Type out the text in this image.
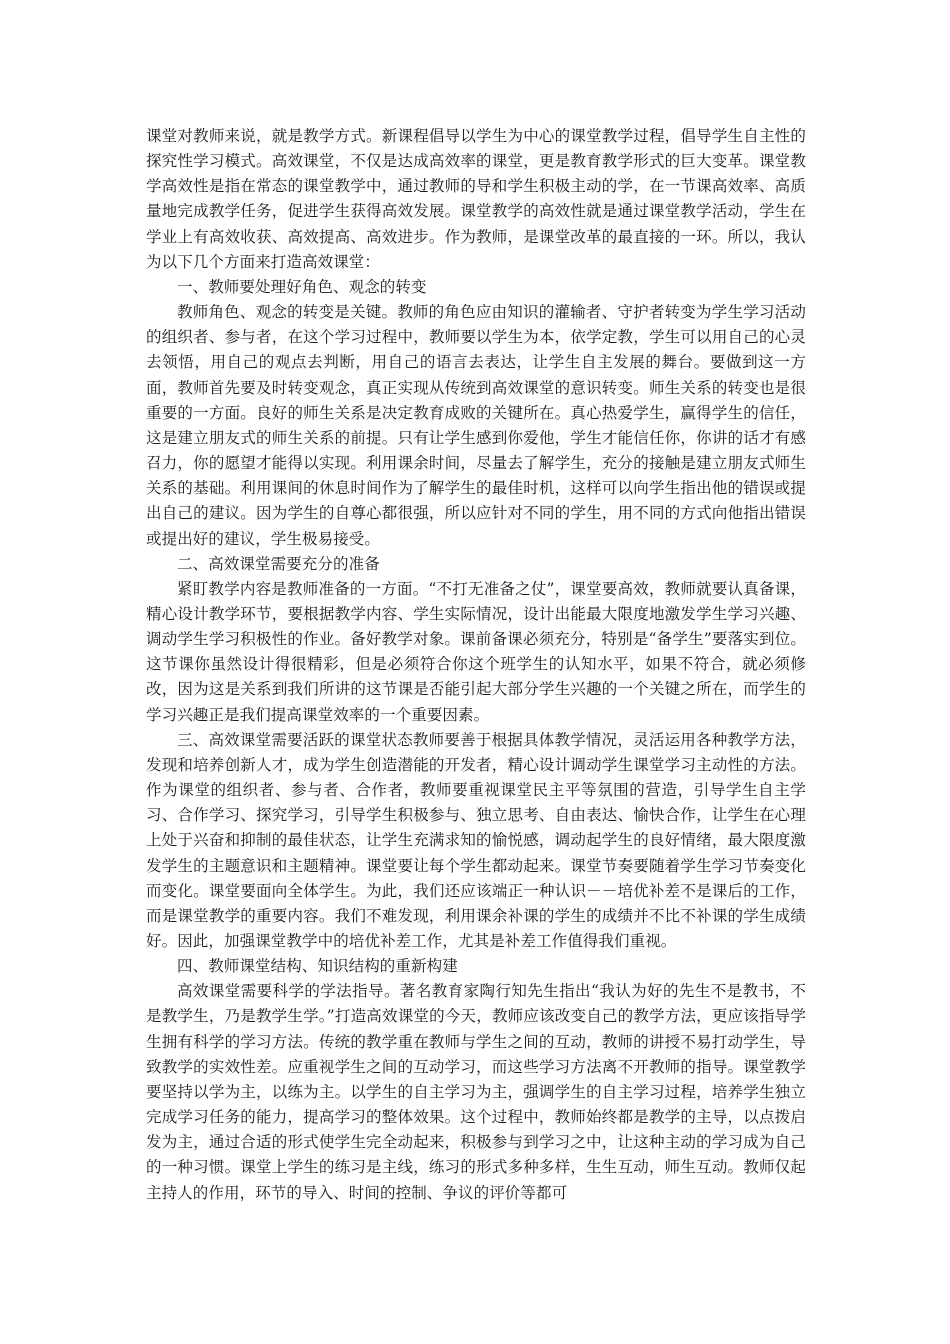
课堂对教师来说，就是教学方式。新课程倡导以学生为中心的课堂教学过程，倡导学生自主性的探究性学习模式。高效课堂，不仅是达成高效率的课堂，更是教育教学形式的巨大变革。课堂教学高效性是指在常态的课堂教学中，通过教师的导和学生积极主动的学，在一节课高效率、高质量地完成教学任务，促进学生获得高效发展。课堂教学的高效性就是通过课堂教学活动，学生在学业上有高效收获、高效提高、高效进步。作为教师，是课堂改革的最直接的一环。所以，我认为以下几个方面来打造高效课堂：

一、教师要处理好角色、观念的转变

教师角色、观念的转变是关键。教师的角色应由知识的灌输者、守护者转变为学生学习活动的组织者、参与者，在这个学习过程中，教师要以学生为本，依学定教，学生可以用自己的心灵去领悟，用自己的观点去判断，用自己的语言去表达，让学生自主发展的舞台。要做到这一方面，教师首先要及时转变观念，真正实现从传统到高效课堂的意识转变。师生关系的转变也是很重要的一方面。良好的师生关系是决定教育成败的关键所在。真心热爱学生，赢得学生的信任，这是建立朋友式的师生关系的前提。只有让学生感到你爱他，学生才能信任你，你讲的话才有感召力，你的愿望才能得以实现。利用课余时间，尽量去了解学生，充分的接触是建立朋友式师生关系的基础。利用课间的休息时间作为了解学生的最佳时机，这样可以向学生指出他的错误或提出自己的建议。因为学生的自尊心都很强，所以应针对不同的学生，用不同的方式向他指出错误或提出好的建议，学生极易接受。

二、高效课堂需要充分的准备

紧盯教学内容是教师准备的一方面。“不打无准备之仗”，课堂要高效，教师就要认真备课，精心设计教学环节，要根据教学内容、学生实际情况，设计出能最大限度地激发学生学习兴趣、调动学生学习积极性的作业。备好教学对象。课前备课必须充分，特别是“备学生”要落实到位。这节课你虽然设计得很精彩，但是必须符合你这个班学生的认知水平，如果不符合，就必须修改，因为这是关系到我们所讲的这节课是否能引起大部分学生兴趣的一个关键之所在，而学生的学习兴趣正是我们提高课堂效率的一个重要因素。

三、高效课堂需要活跃的课堂状态教师要善于根据具体教学情况，灵活运用各种教学方法，发现和培养创新人才，成为学生创造潜能的开发者，精心设计调动学生课堂学习主动性的方法。作为课堂的组织者、参与者、合作者，教师要重视课堂民主平等氛围的营造，引导学生自主学习、合作学习、探究学习，引导学生积极参与、独立思考、自由表达、愉快合作，让学生在心理上处于兴奋和抑制的最佳状态，让学生充满求知的愉悦感，调动起学生的良好情绪，最大限度激发学生的主题意识和主题精神。课堂要让每个学生都动起来。课堂节奏要随着学生学习节奏变化而变化。课堂要面向全体学生。为此，我们还应该端正一种认识－－培优补差不是课后的工作，而是课堂教学的重要内容。我们不难发现，利用课余补课的学生的成绩并不比不补课的学生成绩好。因此，加强课堂教学中的培优补差工作，尤其是补差工作值得我们重视。

四、教师课堂结构、知识结构的重新构建

高效课堂需要科学的学法指导。著名教育家陶行知先生指出“我认为好的先生不是教书，不是教学生，乃是教学生学。”打造高效课堂的今天，教师应该改变自己的教学方法，更应该指导学生拥有科学的学习方法。传统的教学重在教师与学生之间的互动，教师的讲授不易打动学生，导致教学的实效性差。应重视学生之间的互动学习，而这些学习方法离不开教师的指导。课堂教学要坚持以学为主，以练为主。以学生的自主学习为主，强调学生的自主学习过程，培养学生独立完成学习任务的能力，提高学习的整体效果。这个过程中，教师始终都是教学的主导，以点拨启发为主，通过合适的形式使学生完全动起来，积极参与到学习之中，让这种主动的学习成为自己的一种习惯。课堂上学生的练习是主线，练习的形式多种多样，生生互动，师生互动。教师仅起主持人的作用，环节的导入、时间的控制、争议的评价等都可
